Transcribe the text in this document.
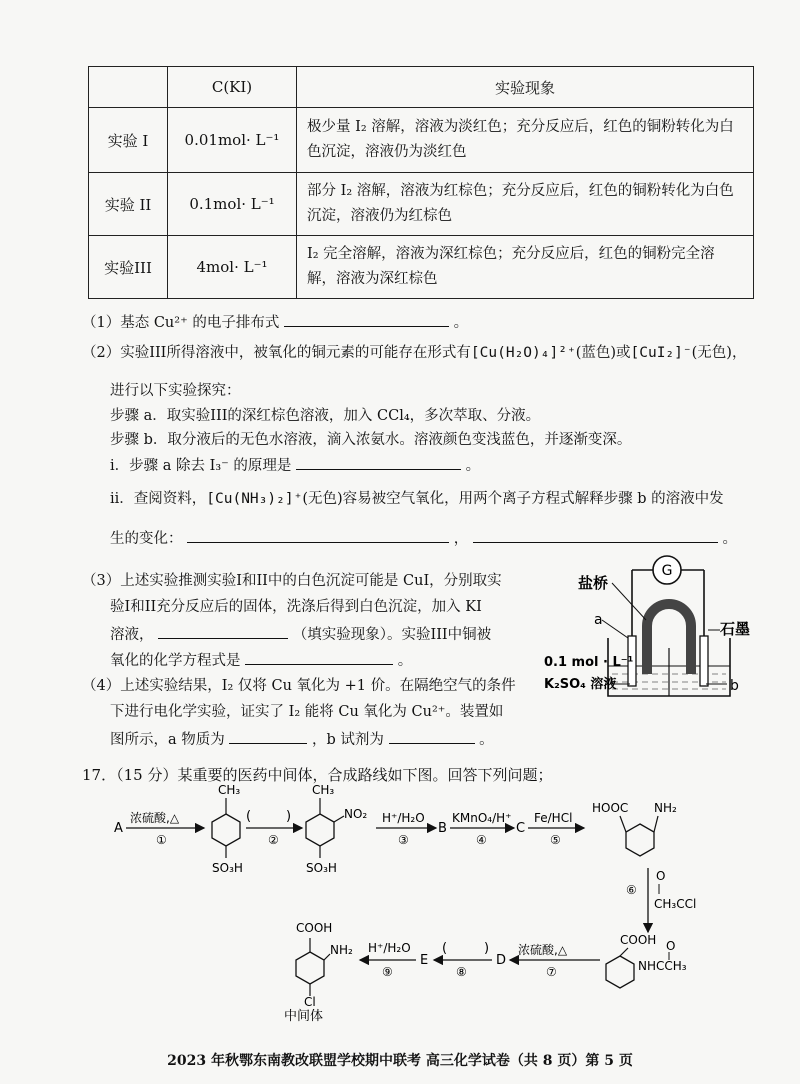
	C(KI)	实验现象
实验 I	0.01mol· L⁻¹	极少量 I₂ 溶解，溶液为淡红色；充分反应后，红色的铜粉转化为白色沉淀，溶液仍为淡红色
实验 II	0.1mol· L⁻¹	部分 I₂ 溶解，溶液为红棕色；充分反应后，红色的铜粉转化为白色沉淀，溶液仍为红棕色
实验III	4mol· L⁻¹	I₂ 完全溶解，溶液为深红棕色；充分反应后，红色的铜粉完全溶解，溶液为深红棕色
（1）基态 Cu²⁺ 的电子排布式	。
（2）实验III所得溶液中，被氧化的铜元素的可能存在形式有[Cu(H₂O)₄]²⁺(蓝色)或[CuI₂]⁻(无色)，
进行以下实验探究：
步骤 a．取实验III的深红棕色溶液，加入 CCl₄，多次萃取、分液。
步骤 b．取分液后的无色水溶液，滴入浓氨水。溶液颜色变浅蓝色，并逐渐变深。
i．步骤 a 除去 I₃⁻ 的原理是	。
ii．查阅资料，[Cu(NH₃)₂]⁺(无色)容易被空气氧化，用两个离子方程式解释步骤 b 的溶液中发
生的变化：	，	。
（3）上述实验推测实验I和II中的白色沉淀可能是 CuI，分别取实
验I和II充分反应后的固体，洗涤后得到白色沉淀，加入 KI
溶液，	（填实验现象）。实验III中铜被
氧化的化学方程式是	。
（4）上述实验结果，I₂ 仅将 Cu 氧化为 +1 价。在隔绝空气的条件
下进行电化学实验，证实了 I₂ 能将 Cu 氧化为 Cu²⁺。装置如
图所示，a 物质为	，b 试剂为	。
G
盐桥
a	石墨
0.1 mol · L⁻¹
K₂SO₄ 溶液	b
17．（15 分）某重要的医药中间体，合成路线如下图。回答下列问题；
A
浓硫酸,△
①
CH₃
SO₃H
(	)
②
CH₃
NO₂
SO₃H
H⁺/H₂O
③
B
KMnO₄/H⁺
④
C
Fe/HCl
⑤
HOOC NH₂
⑥
O
CH₃CCl
COOH
NHCCH₃
O
浓硫酸,△
⑦
D
(	)
⑧
E
H⁺/H₂O
⑨
COOH
NH₂
Cl
中间体
2023 年秋鄂东南教改联盟学校期中联考 高三化学试卷（共 8 页）第 5 页
